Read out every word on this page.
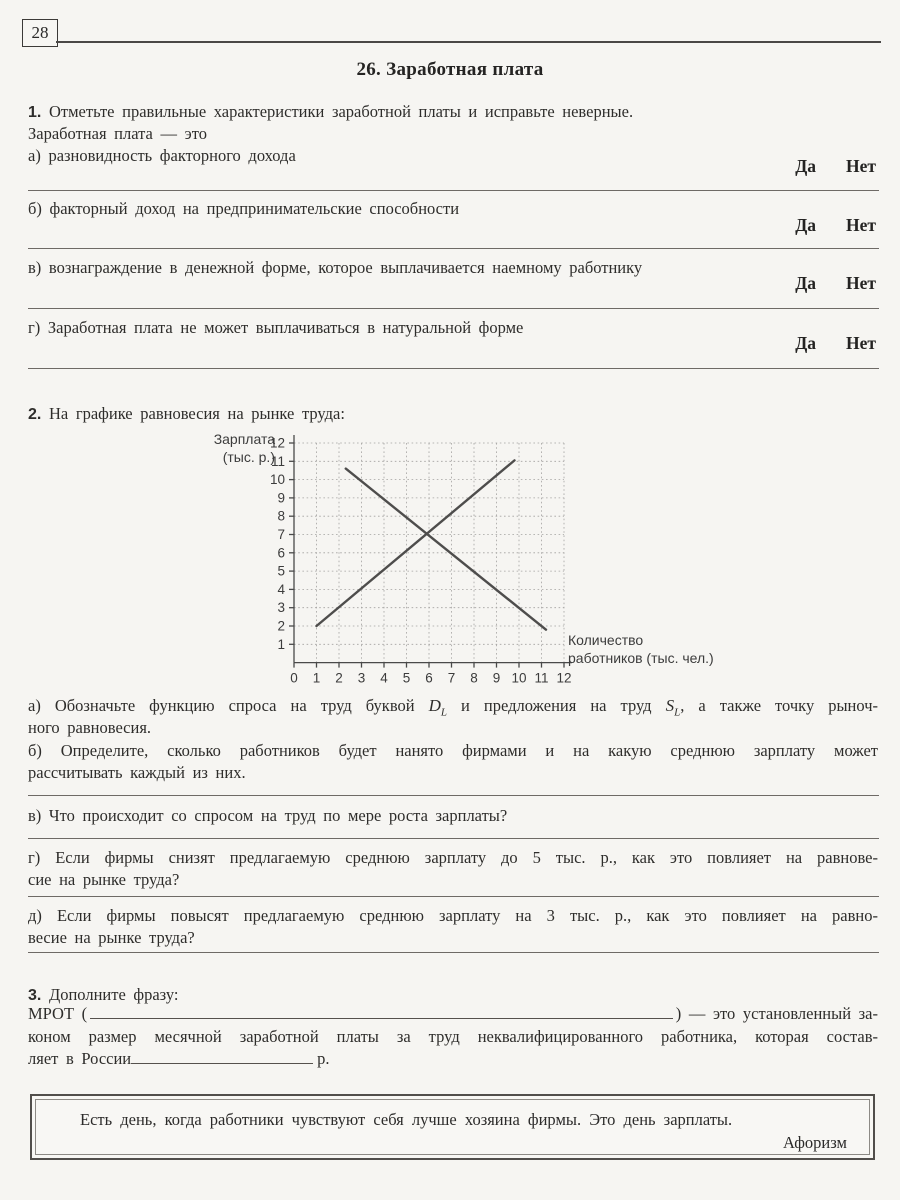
28
26. Заработная плата
1. Отметьте правильные характеристики заработной платы и исправьте неверные.
Заработная плата — это
а) разновидность факторного дохода
Да Нет
б) факторный доход на предпринимательские способности
Да Нет
в) вознаграждение в денежной форме, которое выплачивается наемному работнику
Да Нет
г) Заработная плата не может выплачиваться в натуральной форме
Да Нет
2. На графике равновесия на рынке труда:
Зарплата
(тыс. р.)
1
2
3
4
5
6
7
8
9
10
11
12
0 1 2 3 4 5 6 7 8 9 10 11 12
Количество
работников (тыс. чел.)
а) Обозначьте функцию спроса на труд буквой $D_L$ и предложения на труд $S_L$, а также точку рыноч-
ного равновесия.
б) Определите, сколько работников будет нанято фирмами и на какую среднюю зарплату может
рассчитывать каждый из них.
в) Что происходит со спросом на труд по мере роста зарплаты?
г) Если фирмы снизят предлагаемую среднюю зарплату до 5 тыс. р., как это повлияет на равнове-
сие на рынке труда?
д) Если фирмы повысят предлагаемую среднюю зарплату на 3 тыс. р., как это повлияет на равно-
весие на рынке труда?
3. Дополните фразу:
МРОТ (	) — это установленный за-
коном размер месячной заработной платы за труд неквалифицированного работника, которая состав-
ляет в России	р.
Есть день, когда работники чувствуют себя лучше хозяина фирмы. Это день зарплаты.
Афоризм
